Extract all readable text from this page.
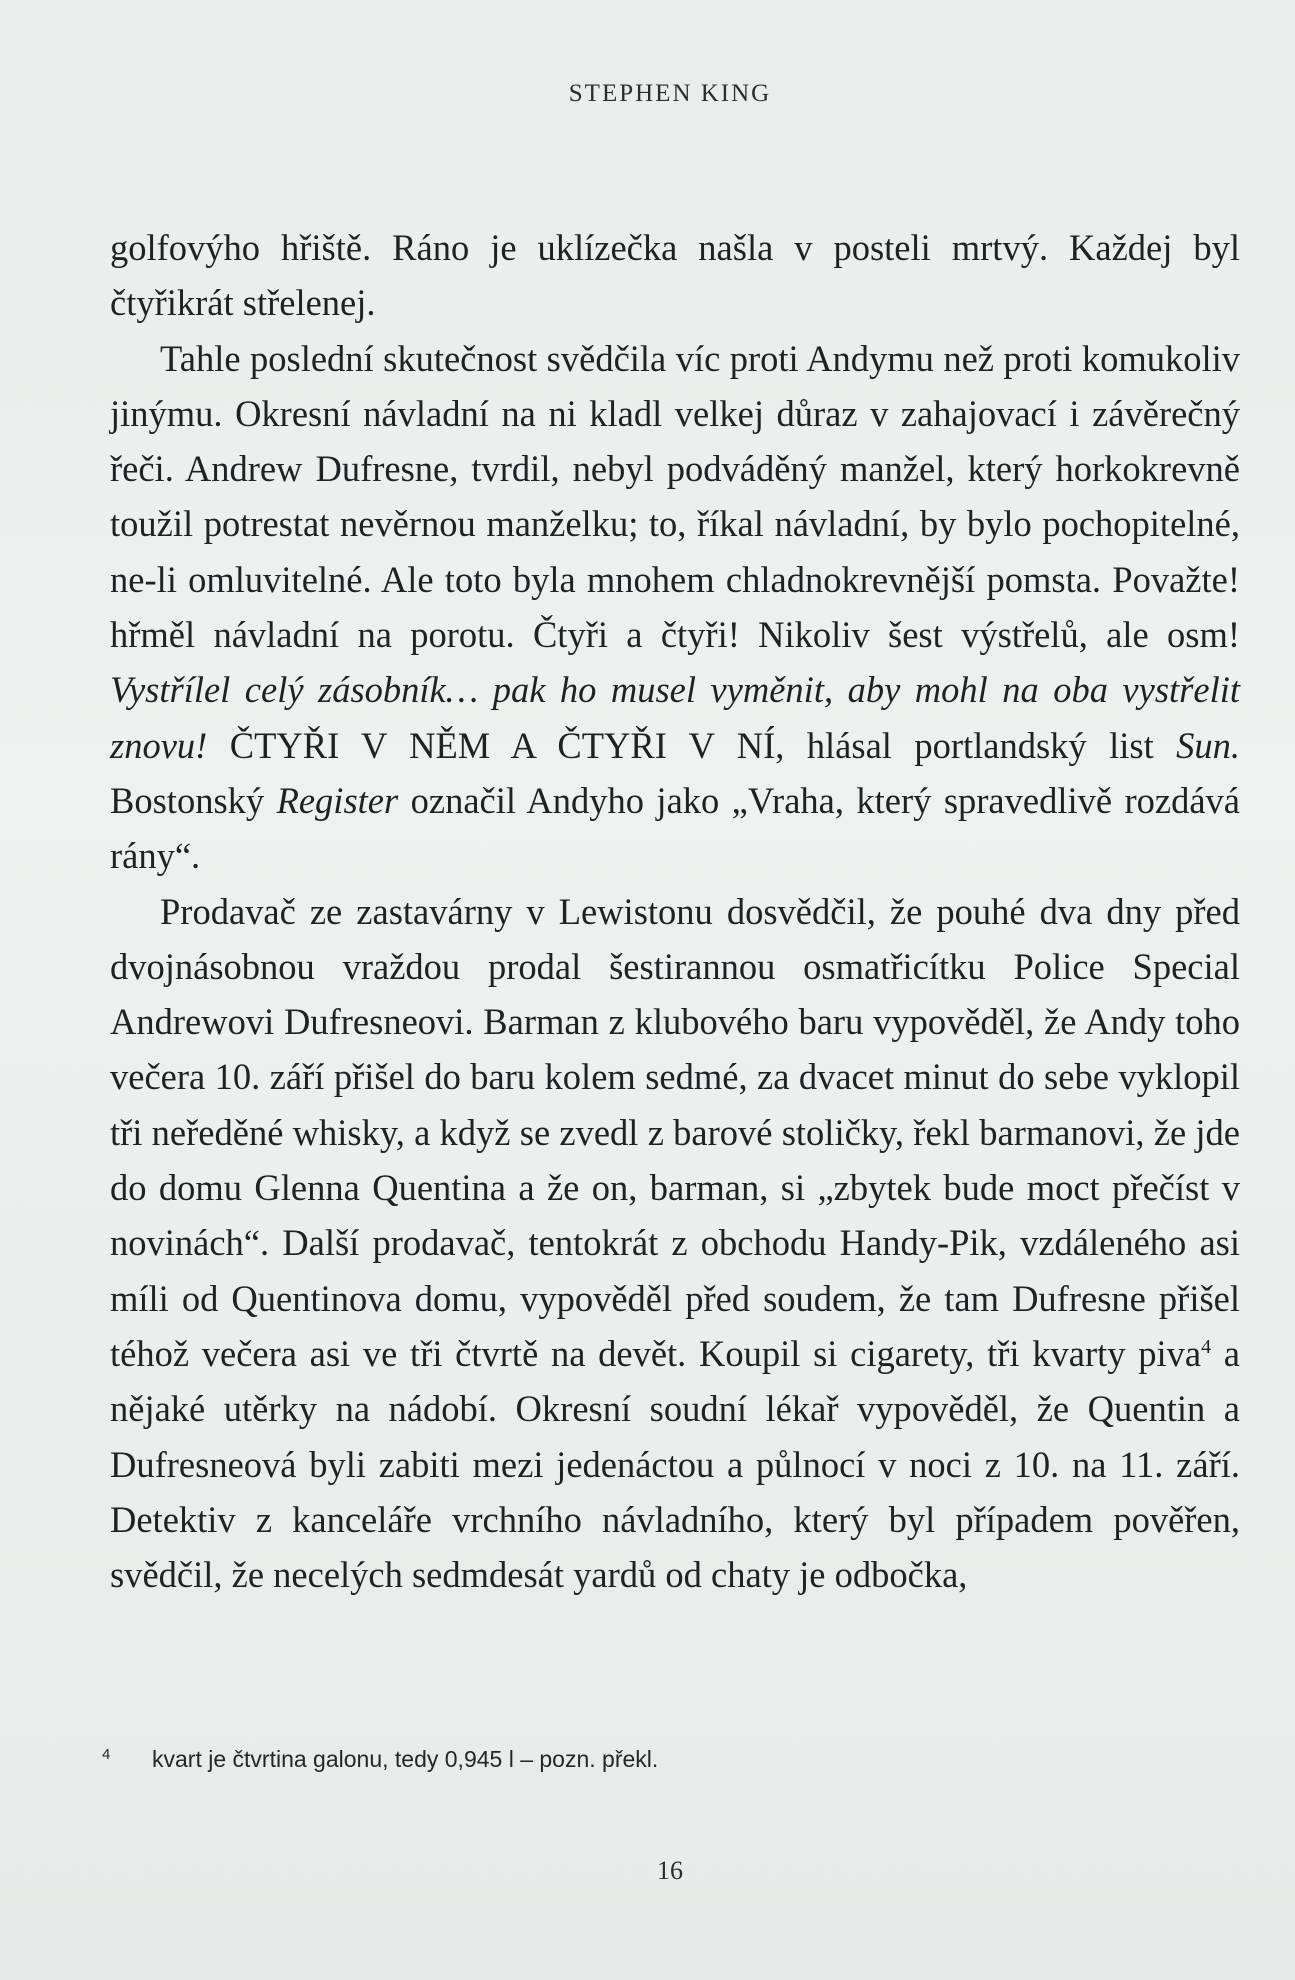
STEPHEN KING

golfovýho hřiště. Ráno je uklízečka našla v posteli mrtvý. Každej byl čtyřikrát střelenej.

Tahle poslední skutečnost svědčila víc proti Andymu než proti komukoliv jinýmu. Okresní návladní na ni kladl velkej důraz v zahajovací i závěrečný řeči. Andrew Dufresne, tvrdil, nebyl podváděný manžel, který horkokrevně toužil potrestat nevěrnou manželku; to, říkal návladní, by bylo pochopitelné, ne-li omluvitelné. Ale toto byla mnohem chladnokrevnější pomsta. Považte! hřměl návladní na porotu. Čtyři a čtyři! Nikoliv šest výstřelů, ale osm! Vystřílel celý zásobník… pak ho musel vyměnit, aby mohl na oba vystřelit znovu! ČTYŘI V NĚM A ČTYŘI V NÍ, hlásal portlandský list Sun. Bostonský Register označil Andyho jako „Vraha, který spravedlivě rozdává rány“.

Prodavač ze zastavárny v Lewistonu dosvědčil, že pouhé dva dny před dvojnásobnou vraždou prodal šestirannou osmatřicítku Police Special Andrewovi Dufresneovi. Barman z klubového baru vypověděl, že Andy toho večera 10. září přišel do baru kolem sedmé, za dvacet minut do sebe vyklopil tři neředěné whisky, a když se zvedl z barové stoličky, řekl barmanovi, že jde do domu Glenna Quentina a že on, barman, si „zbytek bude moct přečíst v novinách“. Další prodavač, tentokrát z obchodu Handy-Pik, vzdáleného asi míli od Quentinova domu, vypověděl před soudem, že tam Dufresne přišel téhož večera asi ve tři čtvrtě na devět. Koupil si cigarety, tři kvarty piva$^4$ a nějaké utěrky na nádobí. Okresní soudní lékař vypověděl, že Quentin a Dufresneová byli zabiti mezi jedenáctou a půlnocí v noci z 10. na 11. září. Detektiv z kanceláře vrchního návladního, který byl případem pověřen, svědčil, že necelých sedmdesát yardů od chaty je odbočka,

4 kvart je čtvrtina galonu, tedy 0,945 l – pozn. překl.
16
